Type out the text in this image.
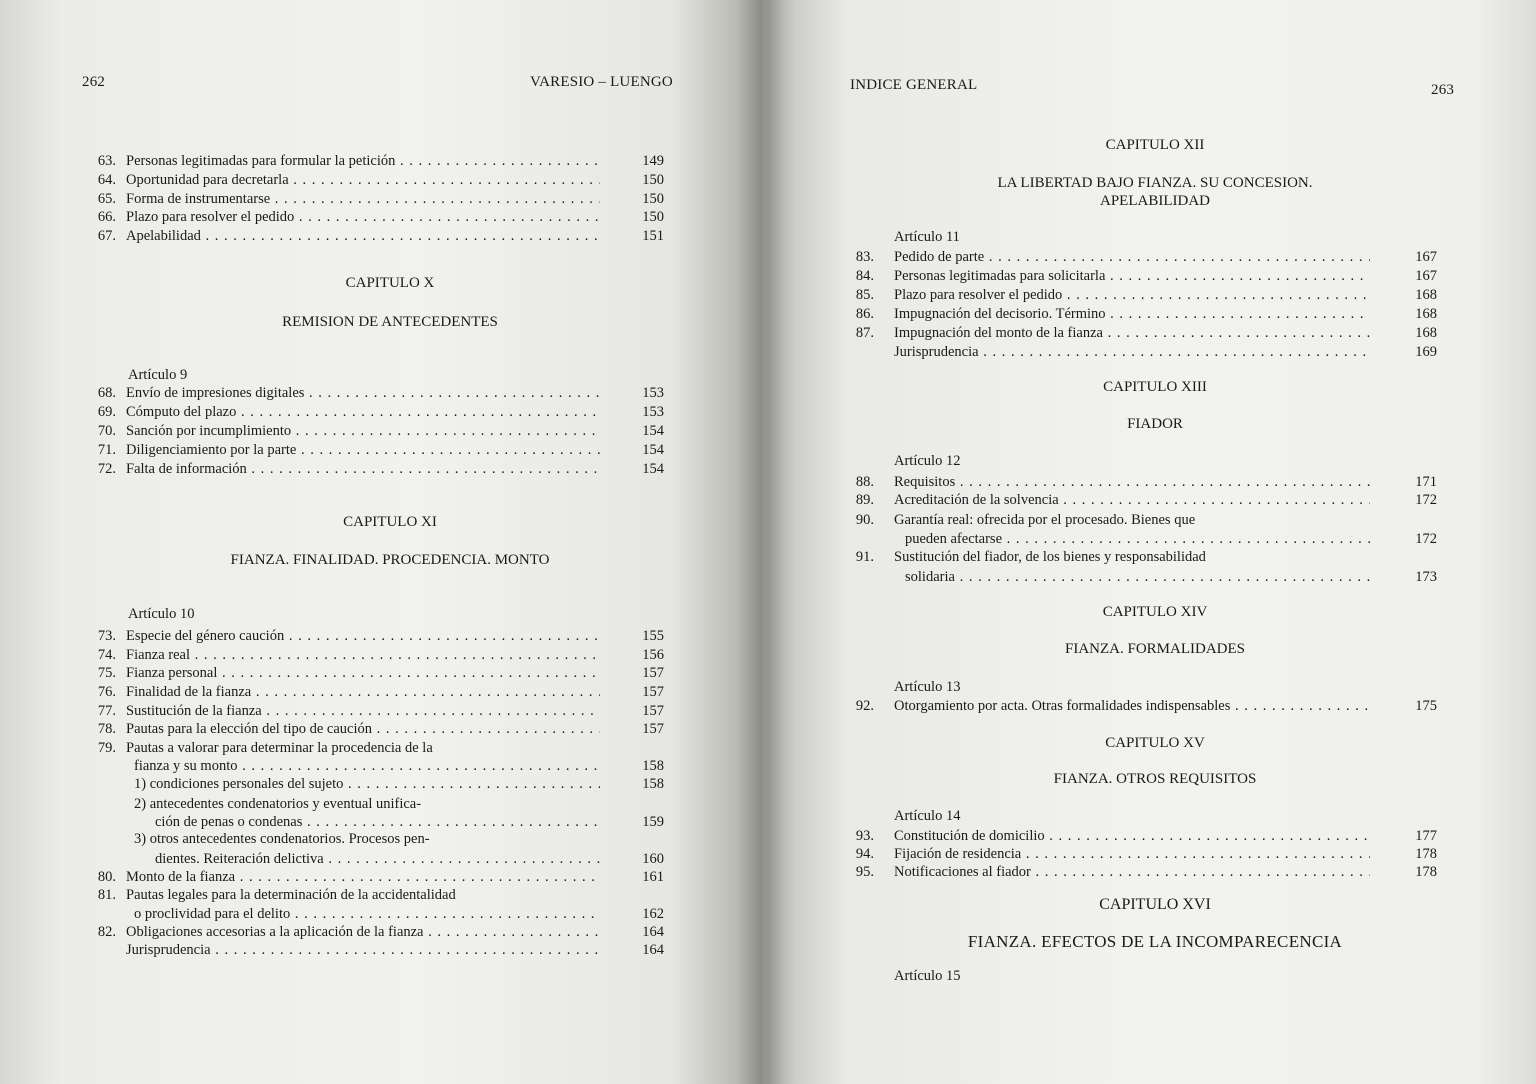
262	VARESIO – LUENGO	INDICE GENERAL	263
63. Personas legitimadas para formular la petición . . .	149
64. Oportunidad para decretarla . . .	150
65. Forma de instrumentarse . . .	150
66. Plazo para resolver el pedido . . .	150
67. Apelabilidad . . .	151
CAPITULO X
REMISION DE ANTECEDENTES
Artículo 9
68. Envío de impresiones digitales . . .	153
69. Cómputo del plazo . . .	153
70. Sanción por incumplimiento . . .	154
71. Diligenciamiento por la parte . . .	154
72. Falta de información . . .	154
CAPITULO XI
FIANZA. FINALIDAD. PROCEDENCIA. MONTO
Artículo 10
73. Especie del género caución . . .	155
74. Fianza real . . .	156
75. Fianza personal . . .	157
76. Finalidad de la fianza . . .	157
77. Sustitución de la fianza . . .	157
78. Pautas para la elección del tipo de caución . . .	157
79. Pautas a valorar para determinar la procedencia de la
fianza y su monto . . .	158
1) condiciones personales del sujeto . . .	158
2) antecedentes condenatorios y eventual unifica-
ción de penas o condenas . . .	159
3) otros antecedentes condenatorios. Procesos pen-
dientes. Reiteración delictiva . . .	160
80. Monto de la fianza . . .	161
81. Pautas legales para la determinación de la accidentalidad
o proclividad para el delito . . .	162
82. Obligaciones accesorias a la aplicación de la fianza . . .	164
Jurisprudencia . . .	164
CAPITULO XII
LA LIBERTAD BAJO FIANZA. SU CONCESION.
APELABILIDAD
Artículo 11
83. Pedido de parte . . .	167
84. Personas legitimadas para solicitarla . . .	167
85. Plazo para resolver el pedido . . .	168
86. Impugnación del decisorio. Término . . .	168
87. Impugnación del monto de la fianza . . .	168
Jurisprudencia . . .	169
CAPITULO XIII
FIADOR
Artículo 12
88. Requisitos . . .	171
89. Acreditación de la solvencia . . .	172
90. Garantía real: ofrecida por el procesado. Bienes que
pueden afectarse . . .	172
91. Sustitución del fiador, de los bienes y responsabilidad
solidaria . . .	173
CAPITULO XIV
FIANZA. FORMALIDADES
Artículo 13
92. Otorgamiento por acta. Otras formalidades indispensables . . .	175
CAPITULO XV
FIANZA. OTROS REQUISITOS
Artículo 14
93. Constitución de domicilio . . .	177
94. Fijación de residencia . . .	178
95. Notificaciones al fiador . . .	178
CAPITULO XVI
FIANZA. EFECTOS DE LA INCOMPARECENCIA
Artículo 15
